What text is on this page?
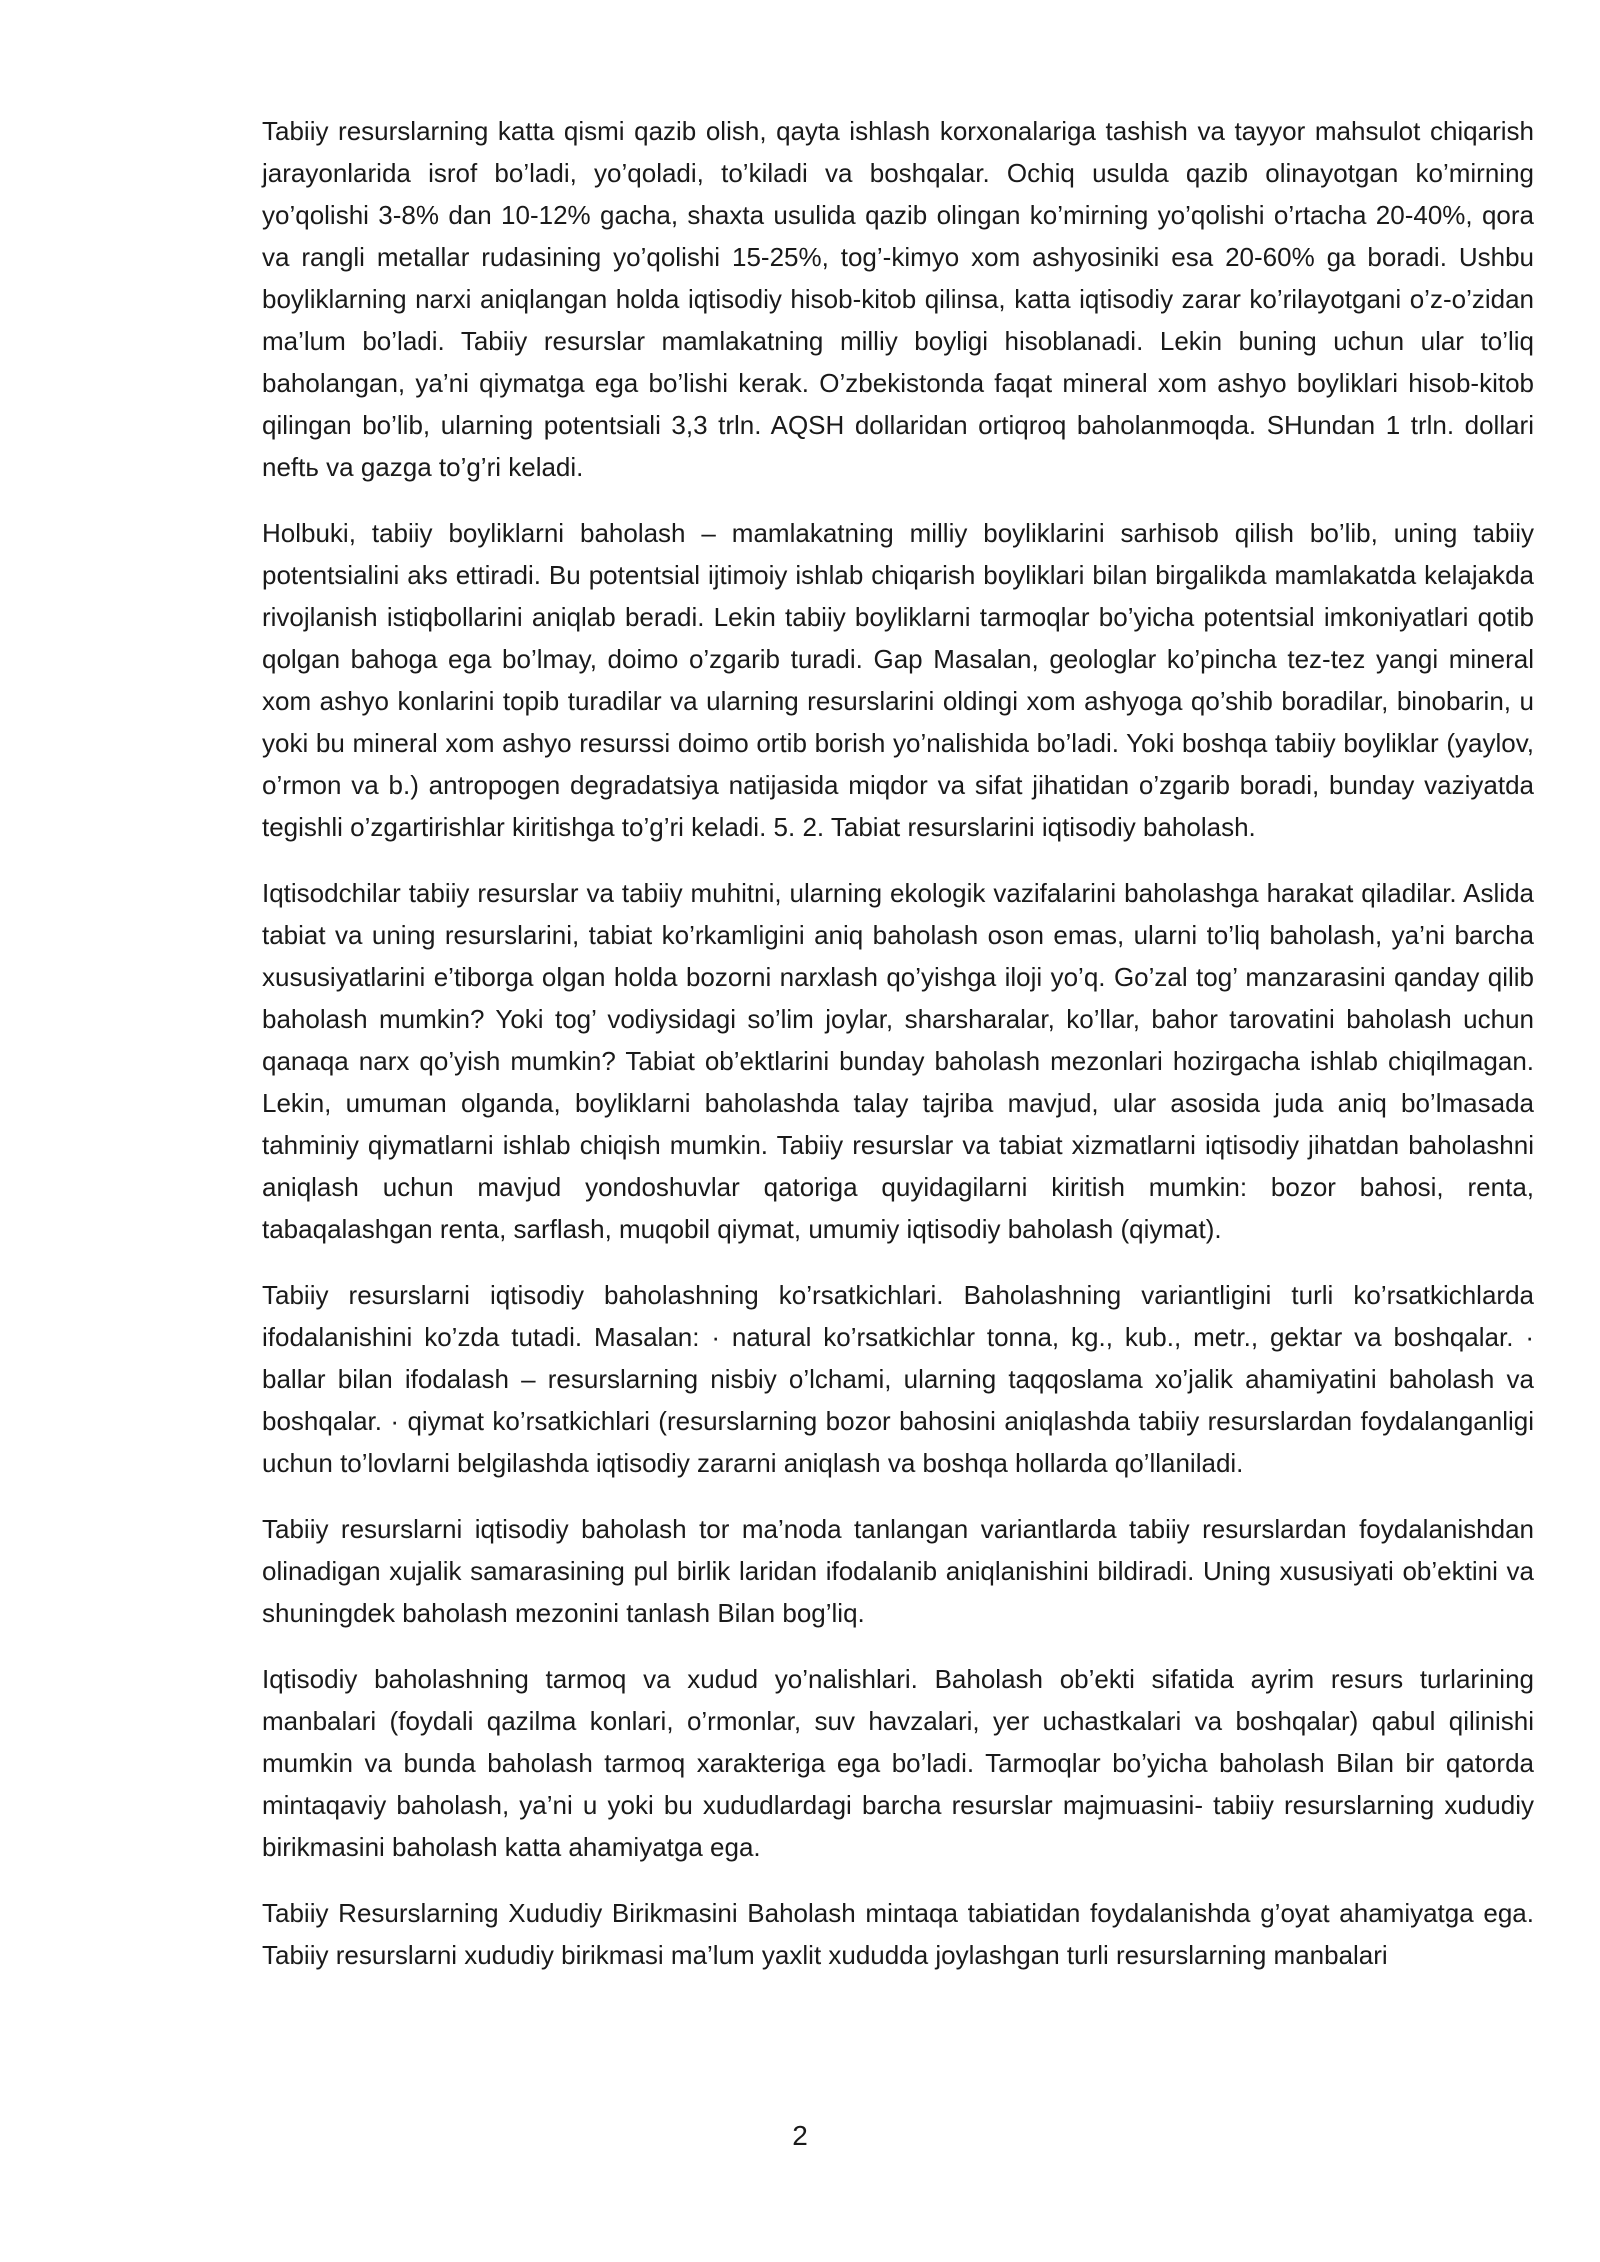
Tabiiy resurslarning katta qismi qazib olish, qayta ishlash korxonalariga tashish va tayyor mahsulot chiqarish jarayonlarida isrof bo’ladi, yo’qoladi, to’kiladi va boshqalar. Ochiq usulda qazib olinayotgan ko’mirning yo’qolishi 3-8% dan 10-12% gacha, shaxta usulida qazib olingan ko’mirning yo’qolishi o’rtacha 20-40%, qora va rangli metallar rudasining yo’qolishi 15-25%, tog’-kimyo xom ashyosiniki esa 20-60% ga boradi. Ushbu boyliklarning narxi aniqlangan holda iqtisodiy hisob-kitob qilinsa, katta iqtisodiy zarar ko’rilayotgani o’z-o’zidan ma’lum bo’ladi. Tabiiy resurslar mamlakatning milliy boyligi hisoblanadi. Lekin buning uchun ular to’liq baholangan, ya’ni qiymatga ega bo’lishi kerak. O’zbekistonda faqat mineral xom ashyo boyliklari hisob-kitob qilingan bo’lib, ularning potentsiali 3,3 trln. AQSH dollaridan ortiqroq baholanmoqda. SHundan 1 trln. dollari neftь va gazga to’g’ri keladi.

Holbuki, tabiiy boyliklarni baholash – mamlakatning milliy boyliklarini sarhisob qilish bo’lib, uning tabiiy potentsialini aks ettiradi. Bu potentsial ijtimoiy ishlab chiqarish boyliklari bilan birgalikda mamlakatda kelajakda rivojlanish istiqbollarini aniqlab beradi. Lekin tabiiy boyliklarni tarmoqlar bo’yicha potentsial imkoniyatlari qotib qolgan bahoga ega bo’lmay, doimo o’zgarib turadi. Gap Masalan, geologlar ko’pincha tez-tez yangi mineral xom ashyo konlarini topib turadilar va ularning resurslarini oldingi xom ashyoga qo’shib boradilar, binobarin, u yoki bu mineral xom ashyo resurssi doimo ortib borish yo’nalishida bo’ladi. Yoki boshqa tabiiy boyliklar (yaylov, o’rmon va b.) antropogen degradatsiya natijasida miqdor va sifat jihatidan o’zgarib boradi, bunday vaziyatda tegishli o’zgartirishlar kiritishga to’g’ri keladi. 5. 2. Tabiat resurslarini iqtisodiy baholash.

Iqtisodchilar tabiiy resurslar va tabiiy muhitni, ularning ekologik vazifalarini baholashga harakat qiladilar. Aslida tabiat va uning resurslarini, tabiat ko’rkamligini aniq baholash oson emas, ularni to’liq baholash, ya’ni barcha xususiyatlarini e’tiborga olgan holda bozorni narxlash qo’yishga iloji yo’q. Go’zal tog’ manzarasini qanday qilib baholash mumkin? Yoki tog’ vodiysidagi so’lim joylar, sharsharalar, ko’llar, bahor tarovatini baholash uchun qanaqa narx qo’yish mumkin? Tabiat ob’ektlarini bunday baholash mezonlari hozirgacha ishlab chiqilmagan. Lekin, umuman olganda, boyliklarni baholashda talay tajriba mavjud, ular asosida juda aniq bo’lmasada tahminiy qiymatlarni ishlab chiqish mumkin. Tabiiy resurslar va tabiat xizmatlarni iqtisodiy jihatdan baholashni aniqlash uchun mavjud yondoshuvlar qatoriga quyidagilarni kiritish mumkin: bozor bahosi, renta, tabaqalashgan renta, sarflash, muqobil qiymat, umumiy iqtisodiy baholash (qiymat).

Tabiiy resurslarni iqtisodiy baholashning ko’rsatkichlari. Baholashning variantligini turli ko’rsatkichlarda ifodalanishini ko’zda tutadi. Masalan: · natural ko’rsatkichlar tonna, kg., kub., metr., gektar va boshqalar. · ballar bilan ifodalash – resurslarning nisbiy o’lchami, ularning taqqoslama xo’jalik ahamiyatini baholash va boshqalar. · qiymat ko’rsatkichlari (resurslarning bozor bahosini aniqlashda tabiiy resurslardan foydalanganligi uchun to’lovlarni belgilashda iqtisodiy zararni aniqlash va boshqa hollarda qo’llaniladi.

Tabiiy resurslarni iqtisodiy baholash tor ma’noda tanlangan variantlarda tabiiy resurslardan foydalanishdan olinadigan xujalik samarasining pul birlik laridan ifodalanib aniqlanishini bildiradi. Uning xususiyati ob’ektini va shuningdek baholash mezonini tanlash Bilan bog’liq.

Iqtisodiy baholashning tarmoq va xudud yo’nalishlari. Baholash ob’ekti sifatida ayrim resurs turlarining manbalari (foydali qazilma konlari, o’rmonlar, suv havzalari, yer uchastkalari va boshqalar) qabul qilinishi mumkin va bunda baholash tarmoq xarakteriga ega bo’ladi. Tarmoqlar bo’yicha baholash Bilan bir qatorda mintaqaviy baholash, ya’ni u yoki bu xududlardagi barcha resurslar majmuasini- tabiiy resurslarning xududiy birikmasini baholash katta ahamiyatga ega.

Tabiiy Resurslarning Xududiy Birikmasini Baholash mintaqa tabiatidan foydalanishda g’oyat ahamiyatga ega. Tabiiy resurslarni xududiy birikmasi ma’lum yaxlit xududda joylashgan turli resurslarning manbalari

2
